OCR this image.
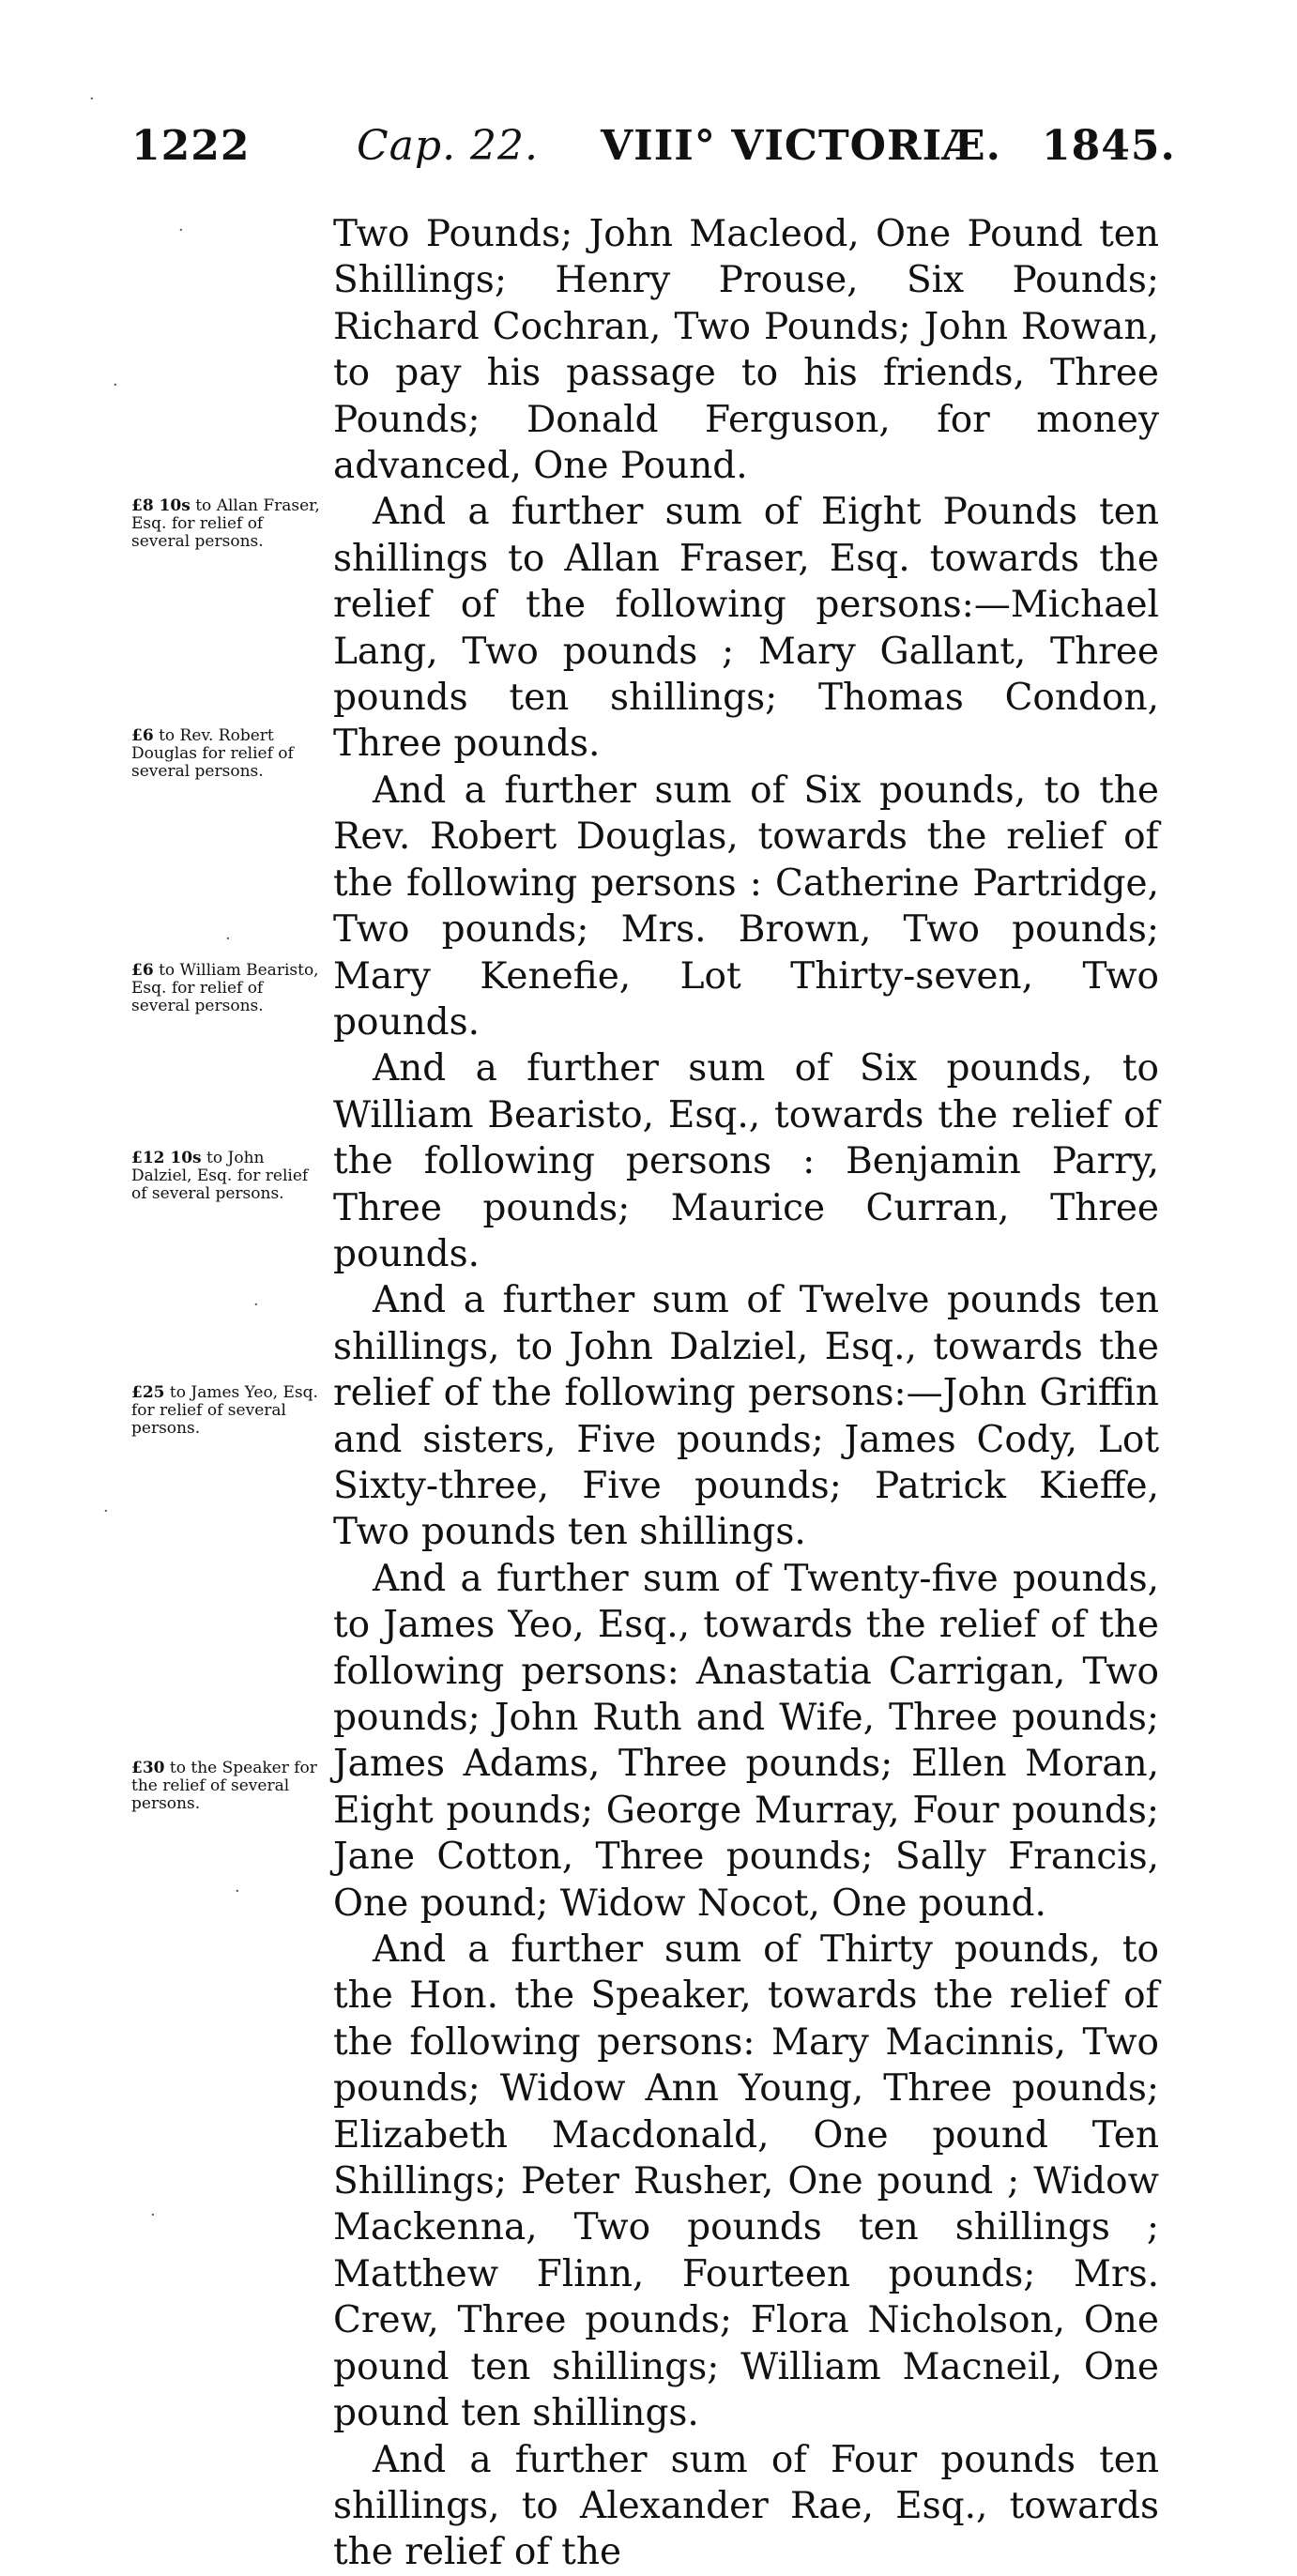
1222	Cap. 22. VIII° VICTORIÆ. 1845.

Two Pounds; John Macleod, One Pound ten Shillings; Henry Prouse, Six Pounds; Richard Cochran, Two Pounds; John Rowan, to pay his passage to his friends, Three Pounds; Donald Ferguson, for money advanced, One Pound.

And a further sum of Eight Pounds ten shillings to Allan Fraser, Esq. towards the relief of the following persons:—Michael Lang, Two pounds ; Mary Gallant, Three pounds ten shillings; Thomas Condon, Three pounds.

And a further sum of Six pounds, to the Rev. Robert Douglas, towards the relief of the following persons : Catherine Partridge, Two pounds; Mrs. Brown, Two pounds; Mary Kenefie, Lot Thirty-seven, Two pounds.

And a further sum of Six pounds, to William Bearisto, Esq., towards the relief of the following persons : Benjamin Parry, Three pounds; Maurice Curran, Three pounds.

And a further sum of Twelve pounds ten shillings, to John Dalziel, Esq., towards the relief of the following persons:—John Griffin and sisters, Five pounds; James Cody, Lot Sixty-three, Five pounds; Patrick Kieffe, Two pounds ten shillings.

And a further sum of Twenty-five pounds, to James Yeo, Esq., towards the relief of the following persons: Anastatia Carrigan, Two pounds; John Ruth and Wife, Three pounds; James Adams, Three pounds; Ellen Moran, Eight pounds; George Murray, Four pounds; Jane Cotton, Three pounds; Sally Francis, One pound; Widow Nocot, One pound.

And a further sum of Thirty pounds, to the Hon. the Speaker, towards the relief of the following persons: Mary Macinnis, Two pounds; Widow Ann Young, Three pounds; Elizabeth Macdonald, One pound Ten Shillings; Peter Rusher, One pound ; Widow Mackenna, Two pounds ten shillings ; Matthew Flinn, Fourteen pounds; Mrs. Crew, Three pounds; Flora Nicholson, One pound ten shillings; William Macneil, One pound ten shillings.

And a further sum of Four pounds ten shillings, to Alexander Rae, Esq., towards the relief of the

£8 10s to Allan Fraser, Esq. for relief of several persons.
£6 to Rev. Robert Douglas for relief of several persons.
£6 to William Bearisto, Esq. for relief of several persons.
£12 10s to John Dalziel, Esq. for relief of several persons.
£25 to James Yeo, Esq. for relief of several persons.
£30 to the Speaker for the relief of several persons.
·
·
·
·
·
·
·
·
